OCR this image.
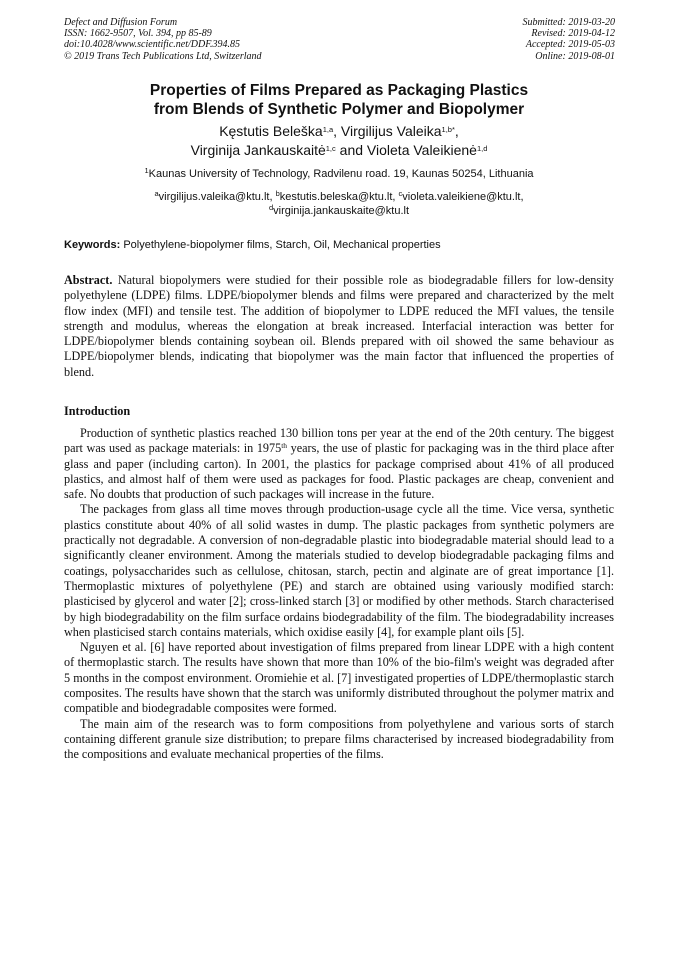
Defect and Diffusion Forum
ISSN: 1662-9507, Vol. 394, pp 85-89
doi:10.4028/www.scientific.net/DDF.394.85
© 2019 Trans Tech Publications Ltd, Switzerland
Submitted: 2019-03-20
Revised: 2019-04-12
Accepted: 2019-05-03
Online: 2019-08-01
Properties of Films Prepared as Packaging Plastics
from Blends of Synthetic Polymer and Biopolymer
Kęstutis Beleška$^{1,a}$, Virgilijus Valeika$^{1,b*}$,
Virginija Jankauskaitė$^{1,c}$ and Violeta Valeikienė$^{1,d}$
$^1$Kaunas University of Technology, Radvilenu road. 19, Kaunas 50254, Lithuania
$^a$virgilijus.valeika@ktu.lt, $^b$kestutis.beleska@ktu.lt, $^c$violeta.valeikiene@ktu.lt,
$^d$virginija.jankauskaite@ktu.lt
Keywords: Polyethylene-biopolymer films, Starch, Oil, Mechanical properties
Abstract. Natural biopolymers were studied for their possible role as biodegradable fillers for low-density polyethylene (LDPE) films. LDPE/biopolymer blends and films were prepared and characterized by the melt flow index (MFI) and tensile test. The addition of biopolymer to LDPE reduced the MFI values, the tensile strength and modulus, whereas the elongation at break increased. Interfacial interaction was better for LDPE/biopolymer blends containing soybean oil. Blends prepared with oil showed the same behaviour as LDPE/biopolymer blends, indicating that biopolymer was the main factor that influenced the properties of blend.
Introduction

Production of synthetic plastics reached 130 billion tons per year at the end of the 20th century. The biggest part was used as package materials: in 1975th years, the use of plastic for packaging was in the third place after glass and paper (including carton). In 2001, the plastics for package comprised about 41% of all produced plastics, and almost half of them were used as packages for food. Plastic packages are cheap, convenient and safe. No doubts that production of such packages will increase in the future.

The packages from glass all time moves through production-usage cycle all the time. Vice versa, synthetic plastics constitute about 40% of all solid wastes in dump. The plastic packages from synthetic polymers are practically not degradable. A conversion of non-degradable plastic into biodegradable material should lead to a significantly cleaner environment. Among the materials studied to develop biodegradable packaging films and coatings, polysaccharides such as cellulose, chitosan, starch, pectin and alginate are of great importance [1]. Thermoplastic mixtures of polyethylene (PE) and starch are obtained using variously modified starch: plasticised by glycerol and water [2]; cross-linked starch [3] or modified by other methods. Starch characterised by high biodegradability on the film surface ordains biodegradability of the film. The biodegradability increases when plasticised starch contains materials, which oxidise easily [4], for example plant oils [5].

Nguyen et al. [6] have reported about investigation of films prepared from linear LDPE with a high content of thermoplastic starch. The results have shown that more than 10% of the bio-film's weight was degraded after 5 months in the compost environment. Oromiehie et al. [7] investigated properties of LDPE/thermoplastic starch composites. The results have shown that the starch was uniformly distributed throughout the polymer matrix and compatible and biodegradable composites were formed.

The main aim of the research was to form compositions from polyethylene and various sorts of starch containing different granule size distribution; to prepare films characterised by increased biodegradability from the compositions and evaluate mechanical properties of the films.
